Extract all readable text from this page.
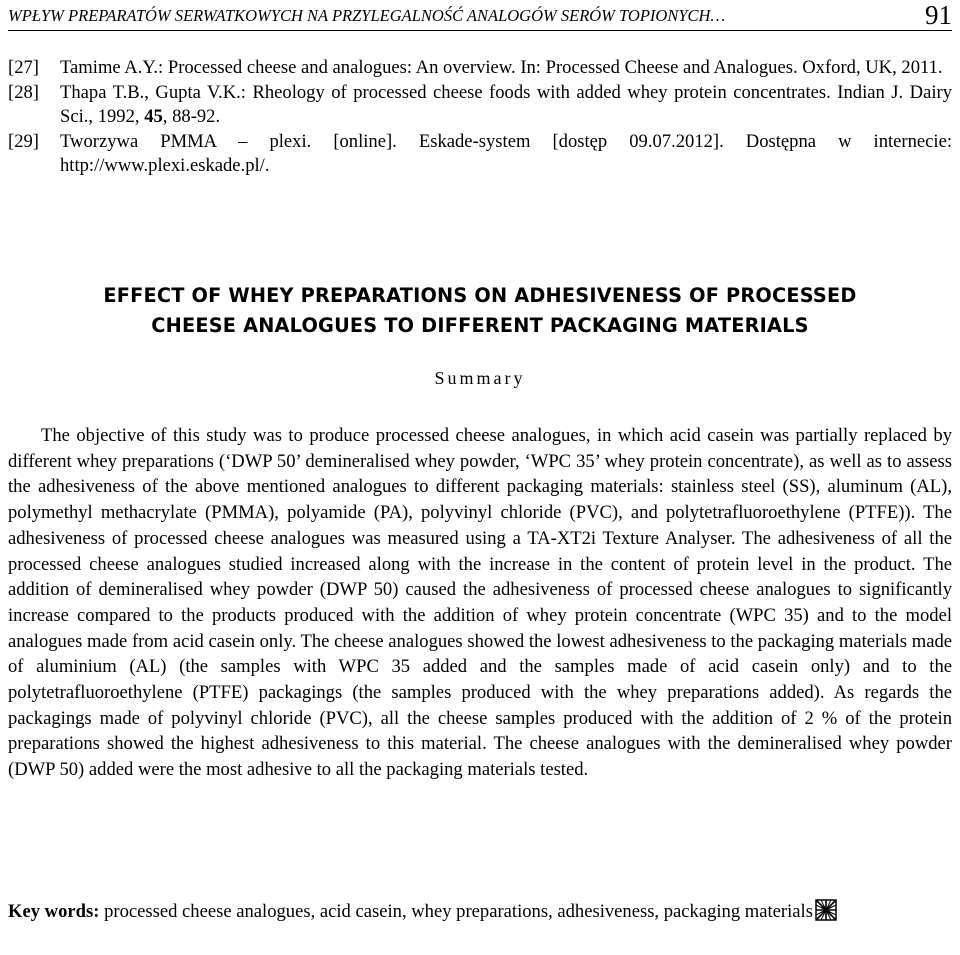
WPŁYW PREPARATÓW SERWATKOWYCH NA PRZYLEGALNOŚĆ ANALOGÓW SERÓW TOPIONYCH…	91
[27] Tamime A.Y.: Processed cheese and analogues: An overview. In: Processed Cheese and Analogues. Oxford, UK, 2011.
[28] Thapa T.B., Gupta V.K.: Rheology of processed cheese foods with added whey protein concentrates. Indian J. Dairy Sci., 1992, 45, 88-92.
[29] Tworzywa PMMA – plexi. [online]. Eskade-system [dostęp 09.07.2012]. Dostępna w internecie: http://www.plexi.eskade.pl/.
EFFECT OF WHEY PREPARATIONS ON ADHESIVENESS OF PROCESSED
CHEESE ANALOGUES TO DIFFERENT PACKAGING MATERIALS
Summary

The objective of this study was to produce processed cheese analogues, in which acid casein was partially replaced by different whey preparations (‘DWP 50’ demineralised whey powder, ‘WPC 35’ whey protein concentrate), as well as to assess the adhesiveness of the above mentioned analogues to different packaging materials: stainless steel (SS), aluminum (AL), polymethyl methacrylate (PMMA), polyamide (PA), polyvinyl chloride (PVC), and polytetrafluoroethylene (PTFE)). The adhesiveness of processed cheese analogues was measured using a TA-XT2i Texture Analyser. The adhesiveness of all the processed cheese analogues studied increased along with the increase in the content of protein level in the product. The addition of demineralised whey powder (DWP 50) caused the adhesiveness of processed cheese analogues to significantly increase compared to the products produced with the addition of whey protein concentrate (WPC 35) and to the model analogues made from acid casein only. The cheese analogues showed the lowest adhesiveness to the packaging materials made of aluminium (AL) (the samples with WPC 35 added and the samples made of acid casein only) and to the polytetrafluoroethylene (PTFE) packagings (the samples produced with the whey preparations added). As regards the packagings made of polyvinyl chloride (PVC), all the cheese samples produced with the addition of 2 % of the protein preparations showed the highest adhesiveness to this material. The cheese analogues with the demineralised whey powder (DWP 50) added were the most adhesive to all the packaging materials tested.

Key words: processed cheese analogues, acid casein, whey preparations, adhesiveness, packaging materials
